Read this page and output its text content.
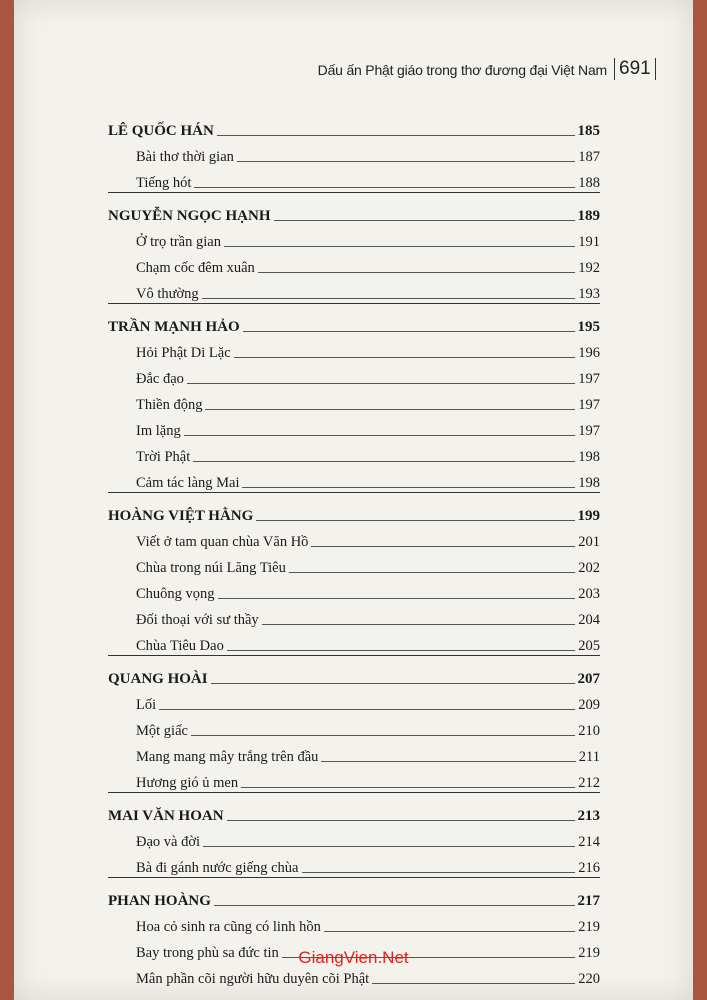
Dấu ấn Phật giáo trong thơ đương đại Việt Nam 691
LÊ QUỐC HÁN	185
Bài thơ thời gian	187
Tiếng hót	188
NGUYỄN NGỌC HẠNH	189
Ở trọ trần gian	191
Chạm cốc đêm xuân	192
Vô thường	193
TRẦN MẠNH HẢO	195
Hỏi Phật Di Lặc	196
Đắc đạo	197
Thiền động	197
Im lặng	197
Trời Phật	198
Cảm tác làng Mai	198
HOÀNG VIỆT HẰNG	199
Viết ở tam quan chùa Văn Hồ	201
Chùa trong núi Lăng Tiêu	202
Chuông vọng	203
Đối thoại với sư thầy	204
Chùa Tiêu Dao	205
QUANG HOÀI	207
Lối	209
Một giấc	210
Mang mang mây trắng trên đầu	211
Hương gió ủ men	212
MAI VĂN HOAN	213
Đạo và đời	214
Bà đi gánh nước giếng chùa	216
PHAN HOÀNG	217
Hoa cỏ sinh ra cũng có linh hồn	219
Bay trong phù sa đức tin	219
Mân phần cõi người hữu duyên cõi Phật	220
GiangVien.Net
